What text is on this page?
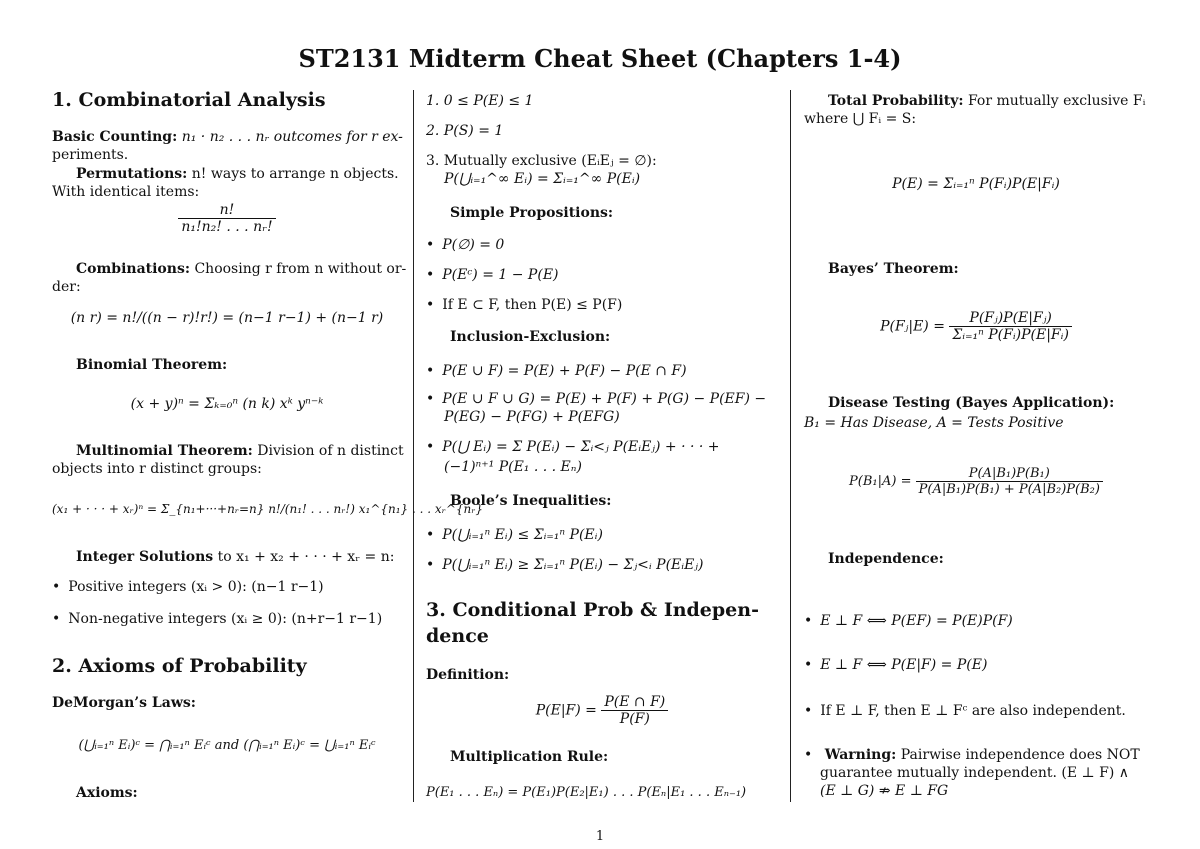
ST2131 Midterm Cheat Sheet (Chapters 1-4)
1. Combinatorial Analysis
Basic Counting: n₁ · n₂ . . . nᵣ outcomes for r ex-
periments.
Permutations: n! ways to arrange n objects.
With identical items:
$\frac{n!}{\text{n₁!n₂! . . . nᵣ!}}$
Combinations: Choosing r from n without or-
der:
(n r) = n!/((n − r)!r!) = (n−1 r−1) + (n−1 r)
Binomial Theorem:
(x + y)ⁿ = Σₖ₌₀ⁿ (n k) xᵏ yⁿ⁻ᵏ
Multinomial Theorem: Division of n distinct
objects into r distinct groups:
(x₁ + · · · + xᵣ)ⁿ = Σ_{n₁+···+nᵣ=n} n!/(n₁! . . . nᵣ!) x₁^{n₁} . . . xᵣ^{nᵣ}
Integer Solutions to x₁ + x₂ + · · · + xᵣ = n:
• Positive integers (xᵢ > 0): (n−1 r−1)
• Non-negative integers (xᵢ ≥ 0): (n+r−1 r−1)
2. Axioms of Probability
DeMorgan’s Laws:
(⋃ᵢ₌₁ⁿ Eᵢ)ᶜ = ⋂ᵢ₌₁ⁿ Eᵢᶜ and (⋂ᵢ₌₁ⁿ Eᵢ)ᶜ = ⋃ᵢ₌₁ⁿ Eᵢᶜ
Axioms:
1. 0 ≤ P(E) ≤ 1
2. P(S) = 1
3. Mutually exclusive (EᵢEⱼ = ∅):
P(⋃ᵢ₌₁^∞ Eᵢ) = Σᵢ₌₁^∞ P(Eᵢ)
Simple Propositions:
• P(∅) = 0
• P(Eᶜ) = 1 − P(E)
• If E ⊂ F, then P(E) ≤ P(F)
Inclusion-Exclusion:
• P(E ∪ F) = P(E) + P(F) − P(E ∩ F)
• P(E ∪ F ∪ G) = P(E) + P(F) + P(G) − P(EF) −
P(EG) − P(FG) + P(EFG)
• P(⋃ Eᵢ) = Σ P(Eᵢ) − Σᵢ<ⱼ P(EᵢEⱼ) + · · · +
(−1)ⁿ⁺¹ P(E₁ . . . Eₙ)
Boole’s Inequalities:
• P(⋃ᵢ₌₁ⁿ Eᵢ) ≤ Σᵢ₌₁ⁿ P(Eᵢ)
• P(⋃ᵢ₌₁ⁿ Eᵢ) ≥ Σᵢ₌₁ⁿ P(Eᵢ) − Σⱼ<ᵢ P(EᵢEⱼ)
3. Conditional Prob & Indepen-
dence
Definition:
$P(E|F) = \frac{P(E \cap F)}{P(F)}$
Multiplication Rule:
P(E₁ . . . Eₙ) = P(E₁)P(E₂|E₁) . . . P(Eₙ|E₁ . . . Eₙ₋₁)
Total Probability: For mutually exclusive Fᵢ
where ⋃ Fᵢ = S:
P(E) = Σᵢ₌₁ⁿ P(Fᵢ)P(E|Fᵢ)
Bayes’ Theorem:
P(Fⱼ|E) = $\frac{\text{P(Fⱼ)P(E|Fⱼ)}}{\text{Σᵢ₌₁ⁿ P(Fᵢ)P(E|Fᵢ)}}$
Disease Testing (Bayes Application):
B₁ = Has Disease, A = Tests Positive
$P(B_1|A) = \frac{\text{P(A|B₁)P(B₁)}}{\text{P(A|B₁)P(B₁) + P(A|B₂)P(B₂)}}$
Independence:
• E ⊥ F ⟺ P(EF) = P(E)P(F)
• E ⊥ F ⟺ P(E|F) = P(E)
• If E ⊥ F, then E ⊥ Fᶜ are also independent.
• Warning: Pairwise independence does NOT
guarantee mutually independent. (E ⊥ F) ∧
(E ⊥ G) ⇏ E ⊥ FG
1
